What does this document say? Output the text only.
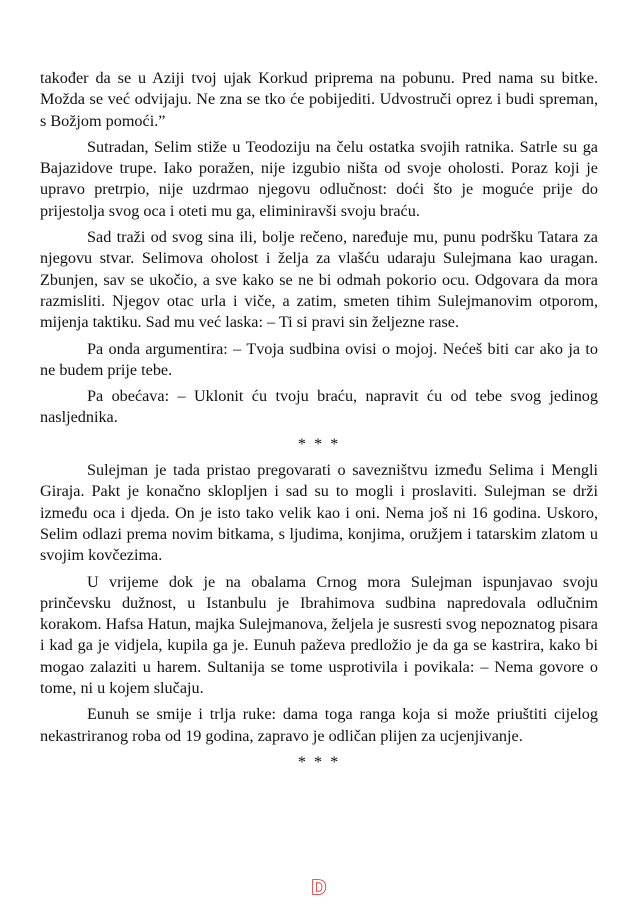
također da se u Aziji tvoj ujak Korkud priprema na pobunu. Pred nama su bitke. Možda se već odvijaju. Ne zna se tko će pobijediti. Udvostruči oprez i budi spreman, s Božjom pomoći.”

Sutradan, Selim stiže u Teodoziju na čelu ostatka svojih ratnika. Satrle su ga Bajazidove trupe. Iako poražen, nije izgubio ništa od svoje oholosti. Poraz koji je upravo pretrpio, nije uzdrmao njegovu odlučnost: doći što je moguće prije do prijestolja svog oca i oteti mu ga, eliminiravši svoju braću.

Sad traži od svog sina ili, bolje rečeno, naređuje mu, punu podršku Tatara za njegovu stvar. Selimova oholost i želja za vlašću udaraju Sulejmana kao uragan. Zbunjen, sav se ukočio, a sve kako se ne bi odmah pokorio ocu. Odgovara da mora razmisliti. Njegov otac urla i viče, a zatim, smeten tihim Sulejmanovim otporom, mijenja taktiku. Sad mu već laska: – Ti si pravi sin željezne rase.

Pa onda argumentira: – Tvoja sudbina ovisi o mojoj. Nećeš biti car ako ja to ne budem prije tebe.

Pa obećava: – Uklonit ću tvoju braću, napravit ću od tebe svog jedinog nasljednika.

* * *

Sulejman je tada pristao pregovarati o savezništvu između Selima i Mengli Giraja. Pakt je konačno sklopljen i sad su to mogli i proslaviti. Sulejman se drži između oca i djeda. On je isto tako velik kao i oni. Nema još ni 16 godina. Uskoro, Selim odlazi prema novim bitkama, s ljudima, konjima, oružjem i tatarskim zlatom u svojim kovčezima.

U vrijeme dok je na obalama Crnog mora Sulejman ispunjavao svoju prinčevsku dužnost, u Istanbulu je Ibrahimova sudbina napredovala odlučnim korakom. Hafsa Hatun, majka Sulejmanova, željela je susresti svog nepoznatog pisara i kad ga je vidjela, kupila ga je. Eunuh paževa predložio je da ga se kastrira, kako bi mogao zalaziti u harem. Sultanija se tome usprotivila i povikala: – Nema govore o tome, ni u kojem slučaju.

Eunuh se smije i trlja ruke: dama toga ranga koja si može priuštiti cijelog nekastriranog roba od 19 godina, zapravo je odličan plijen za ucjenjivanje.

* * *
D
